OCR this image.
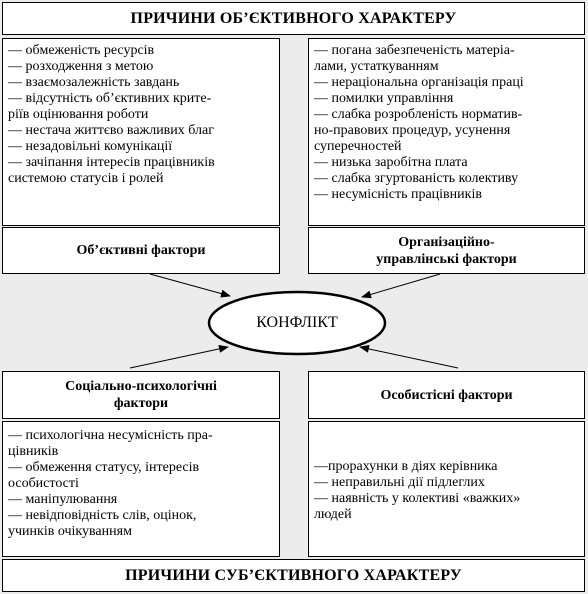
ПРИЧИНИ ОБ’ЄКТИВНОГО ХАРАКТЕРУ
— обмеженість ресурсів
— розходження з метою
— взаємозалежність завдань
— відсутність об’єктивних крите-
ріїв оцінювання роботи
— нестача життєво важливих благ
— незадовільні комунікації
— зачіпання інтересів працівників
системою статусів і ролей
— погана забезпеченість матеріа-
лами, устаткуванням
— нераціональна організація праці
— помилки управління
— слабка розробленість норматив-
но-правових процедур, усунення
суперечностей
— низька заробітна плата
— слабка згуртованість колективу
— несумісність працівників
Об’єктивні фактори
Організаційно-
управлінські фактори
Соціально-психологічні
фактори
Особистісні фактори
— психологічна несумісність пра-
цівників
— обмеження статусу, інтересів
особистості
— маніпулювання
— невідповідність слів, оцінок,
учинків очікуванням
—прорахунки в діях керівника
— неправильні дії підлеглих
— наявність у колективі «важких»
людей
ПРИЧИНИ СУБ’ЄКТИВНОГО ХАРАКТЕРУ
КОНФЛІКТ
